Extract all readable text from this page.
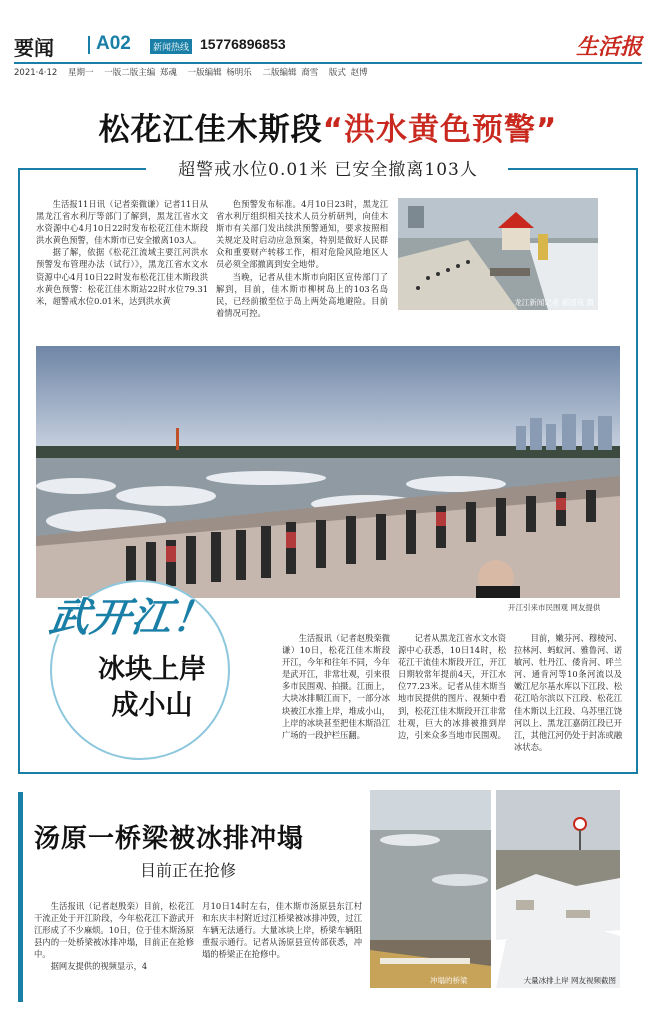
要闻 A02	新闻热线 15776896853	生活报
2021·4·12 星期一 一版二版主编 郑魂 一版编辑 杨明乐 二版编辑 裔雪 版式 赵博
松花江佳木斯段“洪水黄色预警”
超警戒水位0.01米 已安全撤离103人

生活报11日讯（记者栾微谦）记者11日从黑龙江省水利厅等部门了解到，黑龙江省水文水资源中心4月10日22时发布松花江佳木斯段洪水黄色预警，佳木斯市已安全撤离103人。

据了解，依据《松花江流域主要江河洪水预警发布管理办法（试行）》，黑龙江省水文水资源中心4月10日22时发布松花江佳木斯段洪水黄色预警：松花江佳木斯站22时水位79.31米，超警戒水位0.01米，达到洪水黄

色预警发布标准。4月10日23时，黑龙江省水利厅组织相关技术人员分析研判，向佳木斯市有关部门发出续洪预警通知，要求按照相关规定及时启动应急预案，特别是做好人民群众和重要财产转移工作，相对危险风险地区人员必须全部撤离到安全地带。

当晚，记者从佳木斯市向阳区宣传部门了解到，目前，佳木斯市柳树岛上的103名岛民，已经前撤至位于岛上两处高地避险。目前着情况可控。

龙江新闻记者 郝国良 摄
开江引来市民围观 网友提供
武开江！
冰块上岸
成小山

生活报讯（记者赵殷栾微谦）10日，松花江佳木斯段开江，今年和往年不同，今年是武开江，非常壮观，引来很多市民围观、拍摄。江面上，大块冰排顺江而下，一部分冰块被江水推上岸，堆成小山，上岸的冰块甚至把佳木斯沿江广场的一段护栏压翻。

记者从黑龙江省水文水资源中心获悉，10日14时，松花江干流佳木斯段开江，开江日期较常年提前4天，开江水位77.23米。记者从佳木斯当地市民提供的图片、视频中看到，松花江佳木斯段开江非常壮观，巨大的冰排被推到岸边，引来众多当地市民围观。

目前，嫩芬河、穆棱河、拉林河、蚂蚁河、雅鲁河、诺敏河、牡丹江、倭肯河、呼兰河、通肯河等10条河流以及嫩江尼尔基水库以下江段、松花江哈尔滨以下江段、松花江佳木斯以上江段、乌苏里江饶河以上、黑龙江嘉荫江段已开江，其他江河仍处于封冻或融冰状态。

汤原一桥梁被冰排冲塌
目前正在抢修

生活报讯（记者赵殷栾）目前，松花江干流正处于开江阶段，今年松花江下游武开江形成了不少麻烦。10日，位于佳木斯汤原县内的一处桥梁被冰排冲塌，目前正在抢修中。

据网友提供的视频显示，4

月10日14时左右，佳木斯市汤原县东江村和东庆丰村附近过江桥梁被冰排冲毁，过江车辆无法通行。大量冰块上岸，桥梁车辆阻重报示通行。记者从汤原县宣传部获悉，冲塌的桥梁正在抢修中。

冲塌的桥梁	大量冰排上岸 网友视频截图
